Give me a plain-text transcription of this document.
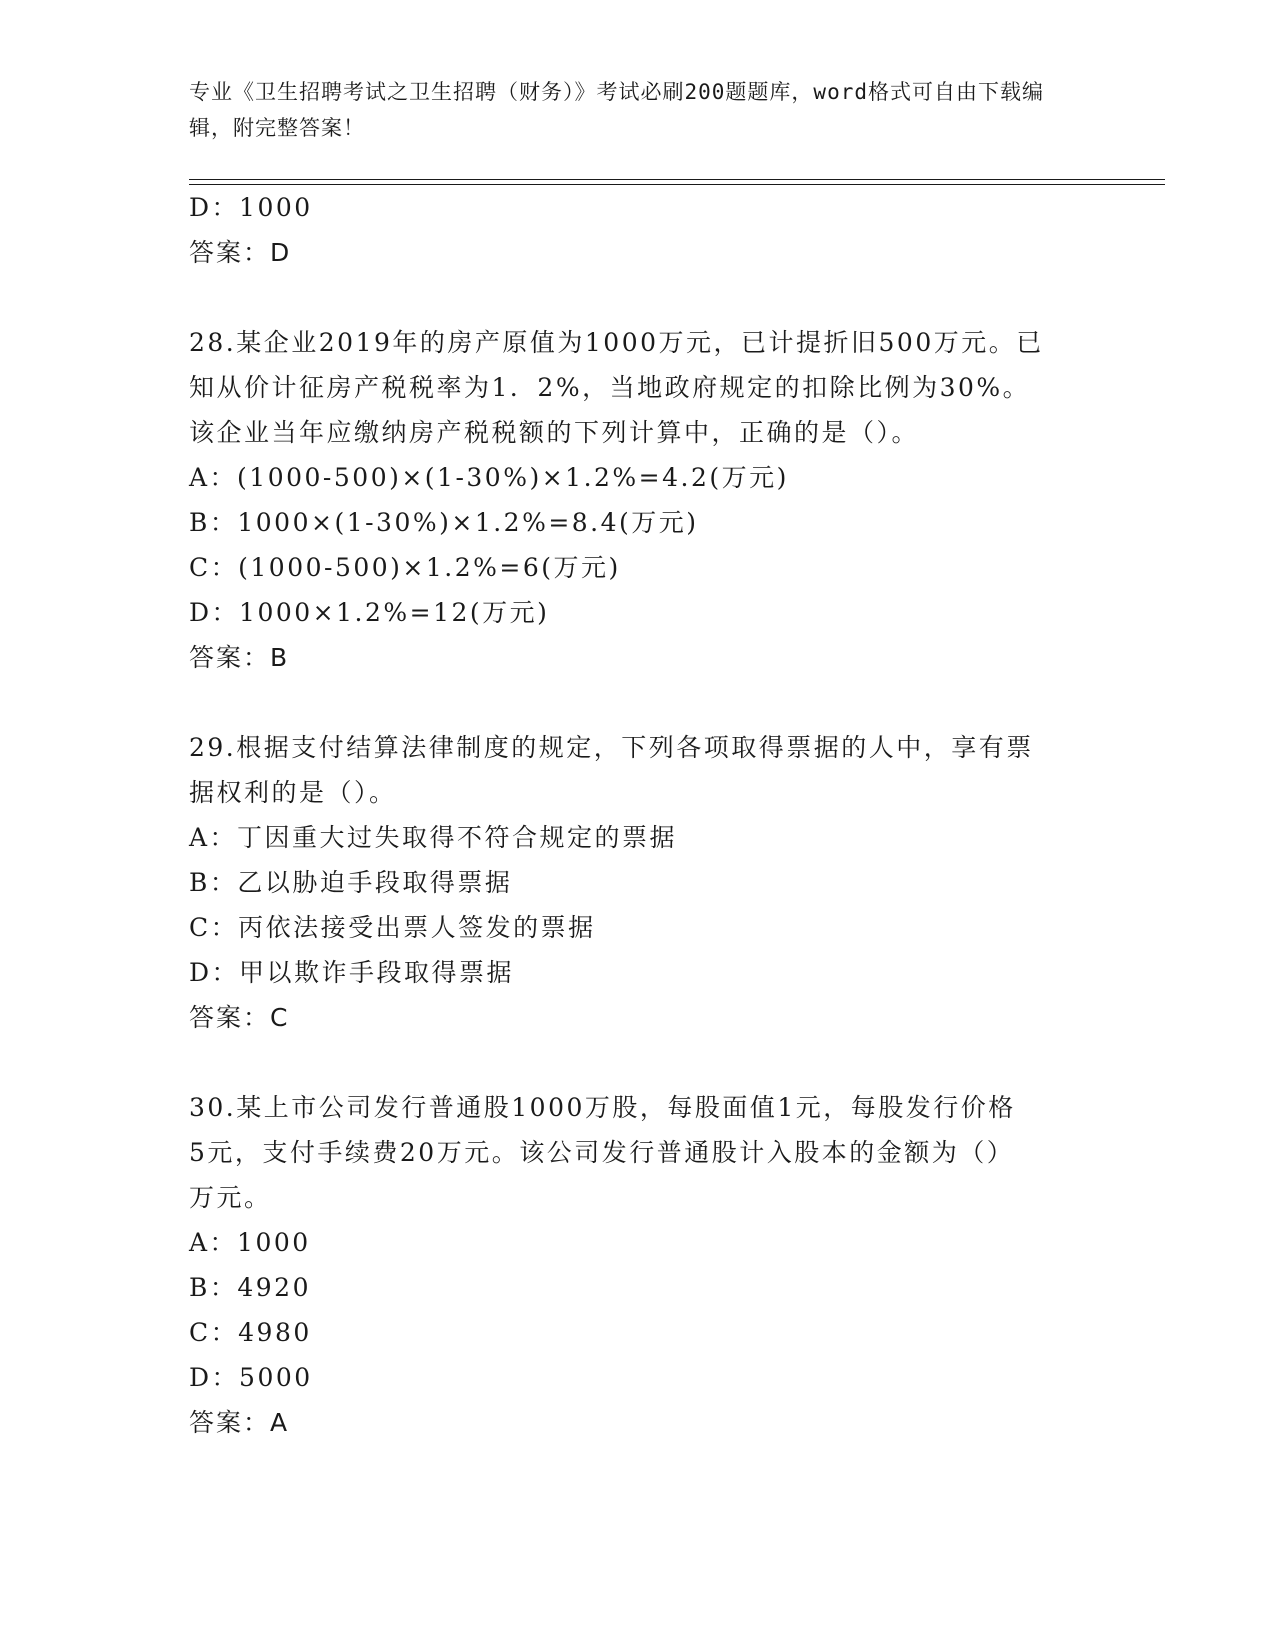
专业《卫生招聘考试之卫生招聘（财务）》考试必刷200题题库，word格式可自由下载编辑，附完整答案！
D：1000
答案：D
28.某企业2019年的房产原值为1000万元，已计提折旧500万元。已
知从价计征房产税税率为1．2%，当地政府规定的扣除比例为30%。
该企业当年应缴纳房产税税额的下列计算中，正确的是（）。
A：(1000-500)×(1-30%)×1.2%=4.2(万元)
B：1000×(1-30%)×1.2%=8.4(万元)
C：(1000-500)×1.2%=6(万元)
D：1000×1.2%=12(万元)
答案：B
29.根据支付结算法律制度的规定，下列各项取得票据的人中，享有票
据权利的是（）。
A：丁因重大过失取得不符合规定的票据
B：乙以胁迫手段取得票据
C：丙依法接受出票人签发的票据
D：甲以欺诈手段取得票据
答案：C
30.某上市公司发行普通股1000万股，每股面值1元，每股发行价格
5元，支付手续费20万元。该公司发行普通股计入股本的金额为（）
万元。
A：1000
B：4920
C：4980
D：5000
答案：A
